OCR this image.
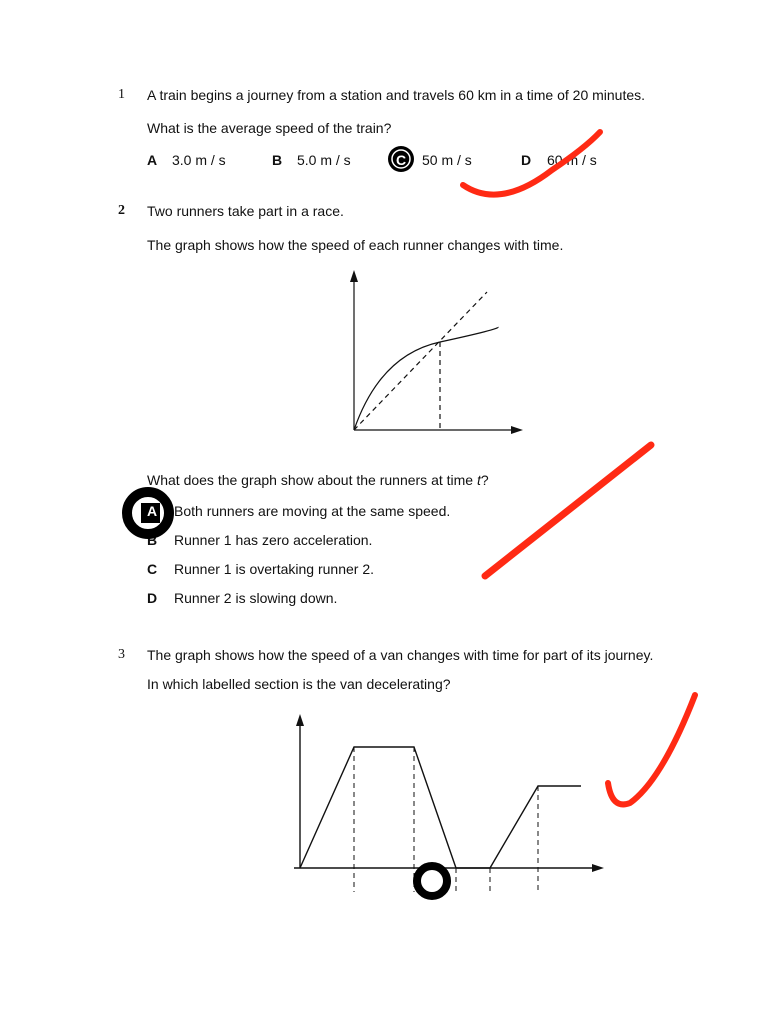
1 A train begins a journey from a station and travels 60 km in a time of 20 minutes.
What is the average speed of the train?
A 3.0 m / s	B 5.0 m / s	C 50 m / s	D 60 m / s
2 Two runners take part in a race.
The graph shows how the speed of each runner changes with time.
What does the graph show about the runners at time t?
A Both runners are moving at the same speed.
B Runner 1 has zero acceleration.
C Runner 1 is overtaking runner 2.
D Runner 2 is slowing down.
3 The graph shows how the speed of a van changes with time for part of its journey.
In which labelled section is the van decelerating?
